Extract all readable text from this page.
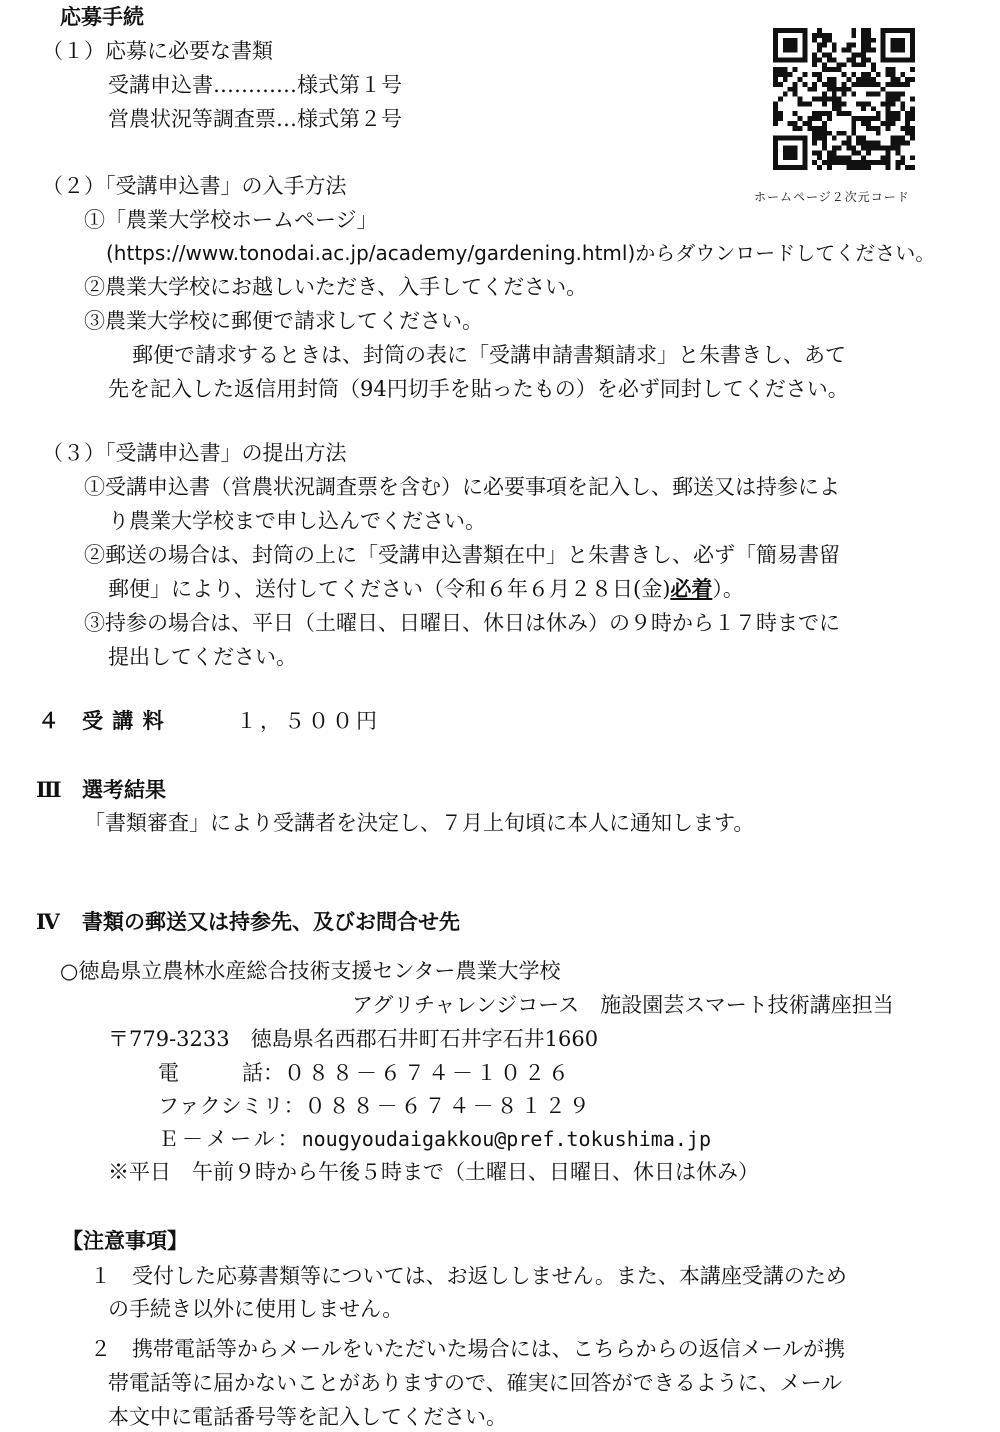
応募手続
（１）応募に必要な書類
受講申込書…………様式第１号
営農状況等調査票…様式第２号
ホームページ２次元コード
（２）「受講申込書」の入手方法
①「農業大学校ホームページ」
(https://www.tonodai.ac.jp/academy/gardening.html)からダウンロードしてください。
②農業大学校にお越しいただき、入手してください。
③農業大学校に郵便で請求してください。
郵便で請求するときは、封筒の表に「受講申請書類請求」と朱書きし、あて
先を記入した返信用封筒（94円切手を貼ったもの）を必ず同封してください。
（３）「受講申込書」の提出方法
①受講申込書（営農状況調査票を含む）に必要事項を記入し、郵送又は持参によ
り農業大学校まで申し込んでください。
②郵送の場合は、封筒の上に「受講申込書類在中」と朱書きし、必ず「簡易書留
郵便」により、送付してください（令和６年６月２８日(金)必着）。
③持参の場合は、平日（土曜日、日曜日、休日は休み）の９時から１７時までに
提出してください。
４ 受 講 料	１，５００円
Ⅲ 選考結果
「書類審査」により受講者を決定し、７月上旬頃に本人に通知します。
Ⅳ 書類の郵送又は持参先、及びお問合せ先
○徳島県立農林水産総合技術支援センター農業大学校
アグリチャレンジコース　施設園芸スマート技術講座担当
〒779-3233　徳島県名西郡石井町石井字石井1660
電　　　話：０８８－６７４－１０２６
ファクシミリ：０８８－６７４－８１２９
Ｅ－メール：nougyoudaigakkou@pref.tokushima.jp
※平日　午前９時から午後５時まで（土曜日、日曜日、休日は休み）
【注意事項】
１　受付した応募書類等については、お返ししません。また、本講座受講のため
の手続き以外に使用しません。
２　携帯電話等からメールをいただいた場合には、こちらからの返信メールが携
帯電話等に届かないことがありますので、確実に回答ができるように、メール
本文中に電話番号等を記入してください。
